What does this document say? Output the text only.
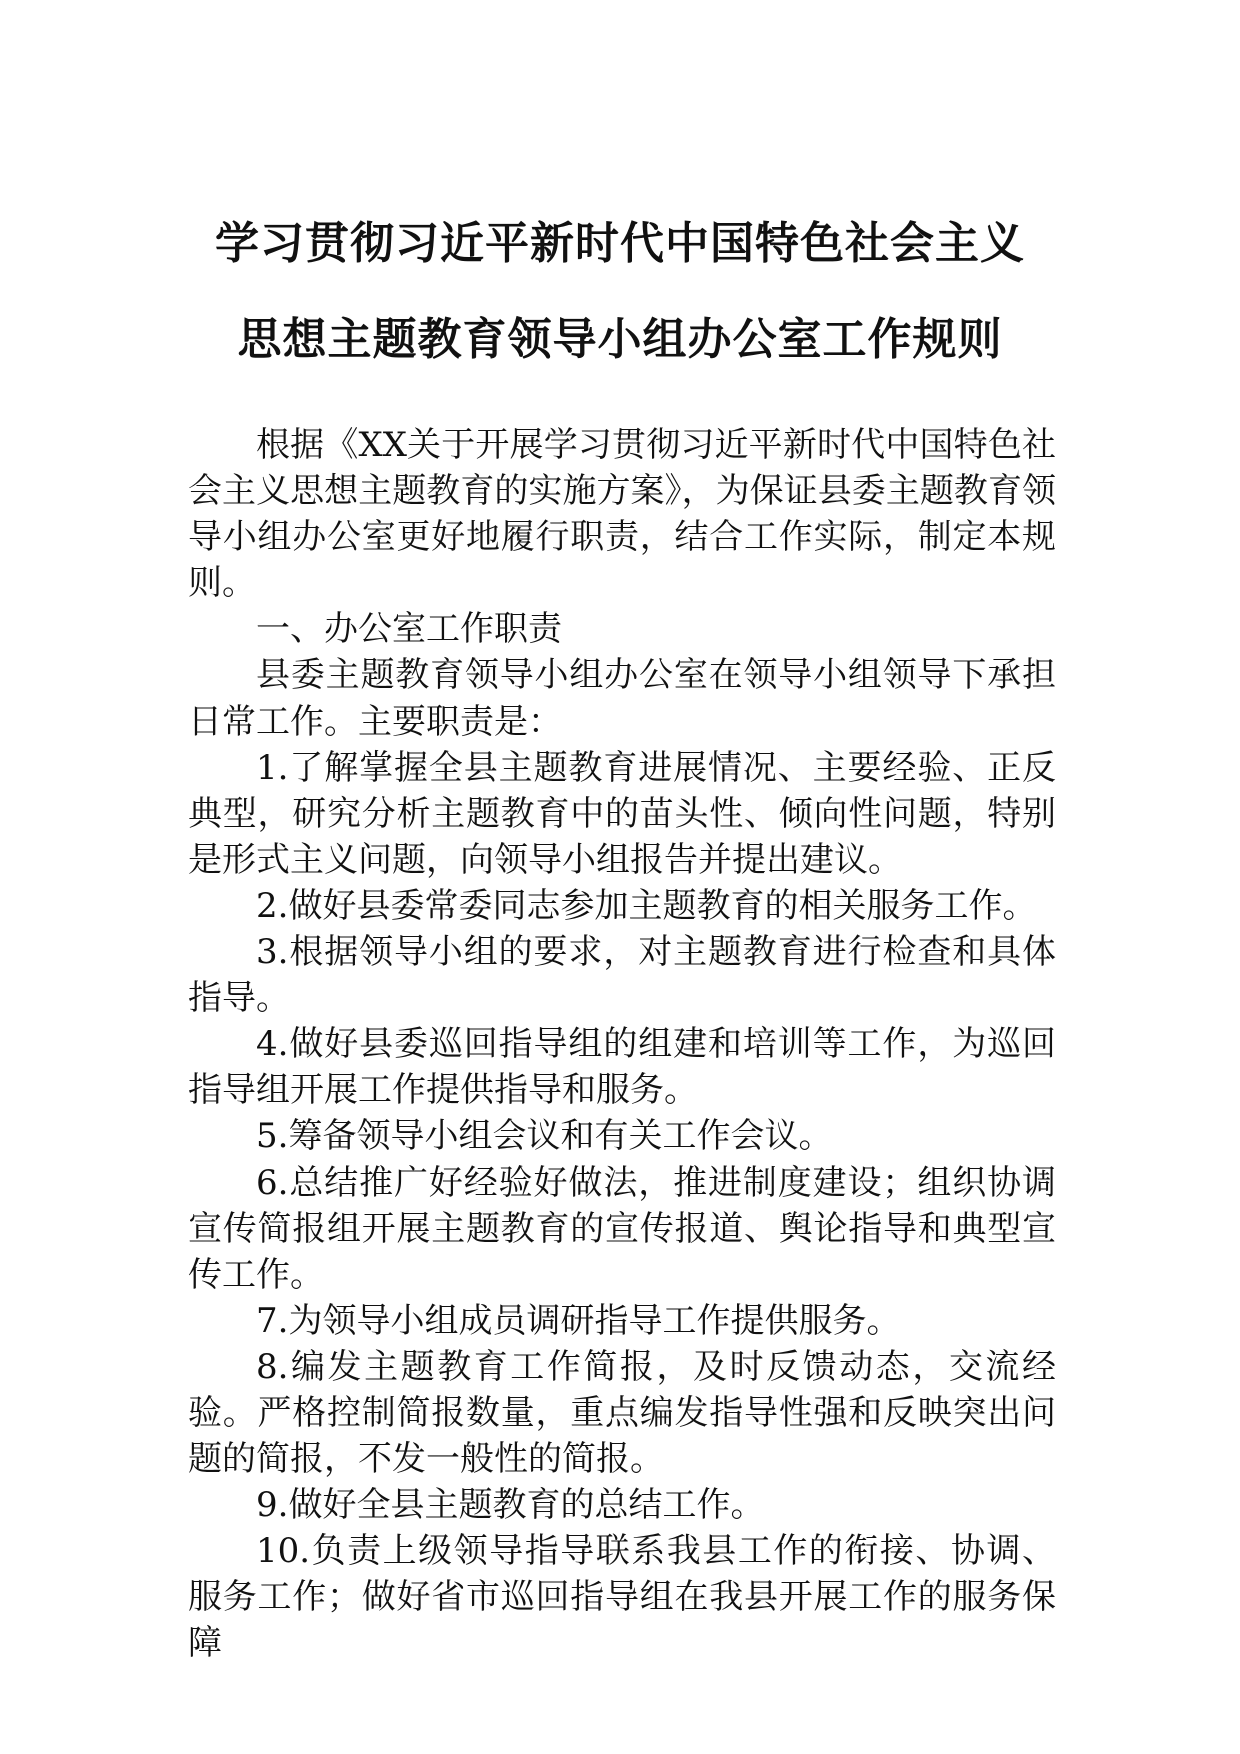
学习贯彻习近平新时代中国特色社会主义
思想主题教育领导小组办公室工作规则

根据《XX关于开展学习贯彻习近平新时代中国特色社会主义思想主题教育的实施方案》，为保证县委主题教育领导小组办公室更好地履行职责，结合工作实际，制定本规则。

一、办公室工作职责

县委主题教育领导小组办公室在领导小组领导下承担日常工作。主要职责是：

1.了解掌握全县主题教育进展情况、主要经验、正反典型，研究分析主题教育中的苗头性、倾向性问题，特别是形式主义问题，向领导小组报告并提出建议。

2.做好县委常委同志参加主题教育的相关服务工作。

3.根据领导小组的要求，对主题教育进行检查和具体指导。

4.做好县委巡回指导组的组建和培训等工作，为巡回指导组开展工作提供指导和服务。

5.筹备领导小组会议和有关工作会议。

6.总结推广好经验好做法，推进制度建设；组织协调宣传简报组开展主题教育的宣传报道、舆论指导和典型宣传工作。

7.为领导小组成员调研指导工作提供服务。

8.编发主题教育工作简报，及时反馈动态，交流经验。严格控制简报数量，重点编发指导性强和反映突出问题的简报，不发一般性的简报。

9.做好全县主题教育的总结工作。

10.负责上级领导指导联系我县工作的衔接、协调、服务工作；做好省市巡回指导组在我县开展工作的服务保障
